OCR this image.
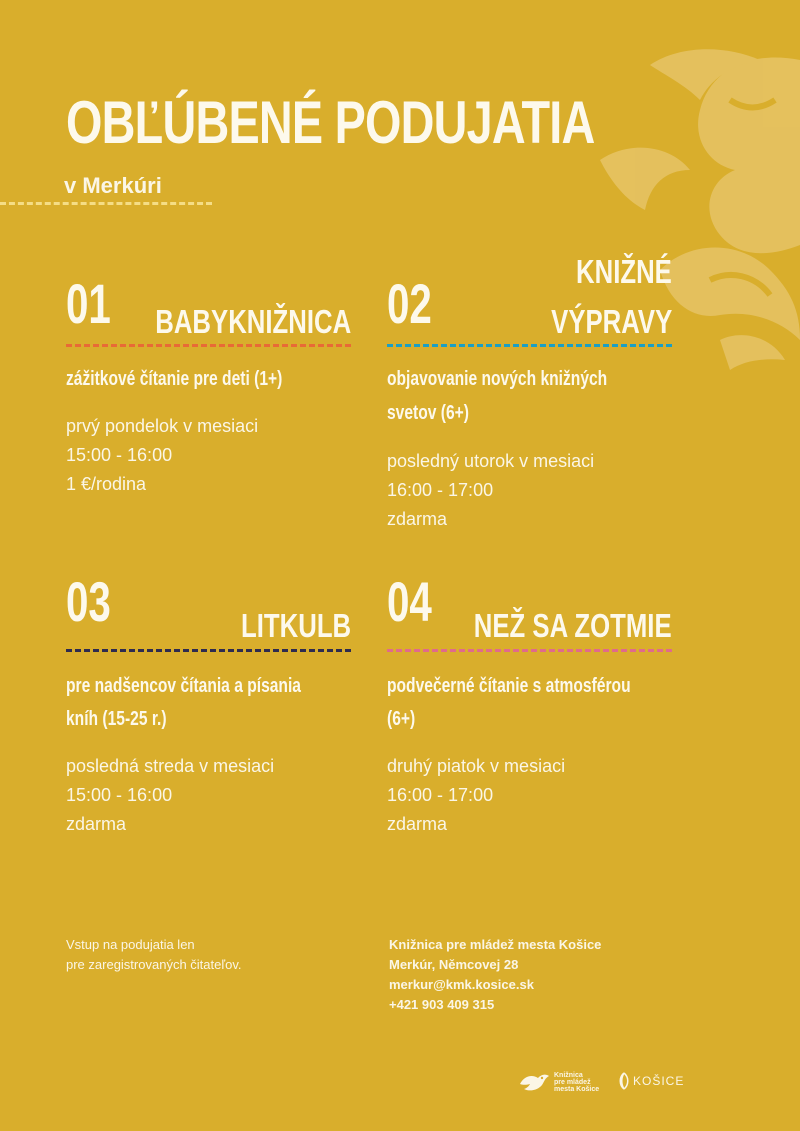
OBĽÚBENÉ PODUJATIA
v Merkúri
01 BABYKNIŽNICA
zážitkové čítanie pre deti (1+)
prvý pondelok v mesiaci
15:00 - 16:00
1 €/rodina
02
KNIŽNÉ
VÝPRAVY
objavovanie nových knižných
svetov (6+)
posledný utorok v mesiaci
16:00 - 17:00
zdarma
03	LITKULB
pre nadšencov čítania a písania
kníh (15-25 r.)
posledná streda v mesiaci
15:00 - 16:00
zdarma
04 NEŽ SA ZOTMIE
podvečerné čítanie s atmosférou
(6+)
druhý piatok v mesiaci
16:00 - 17:00
zdarma
Vstup na podujatia len
pre zaregistrovaných čitateľov.
Knižnica pre mládež mesta Košice
Merkúr, Němcovej 28
merkur@kmk.kosice.sk
+421 903 409 315
Knižnica
pre mládež
mesta Košice
KOŠICE
